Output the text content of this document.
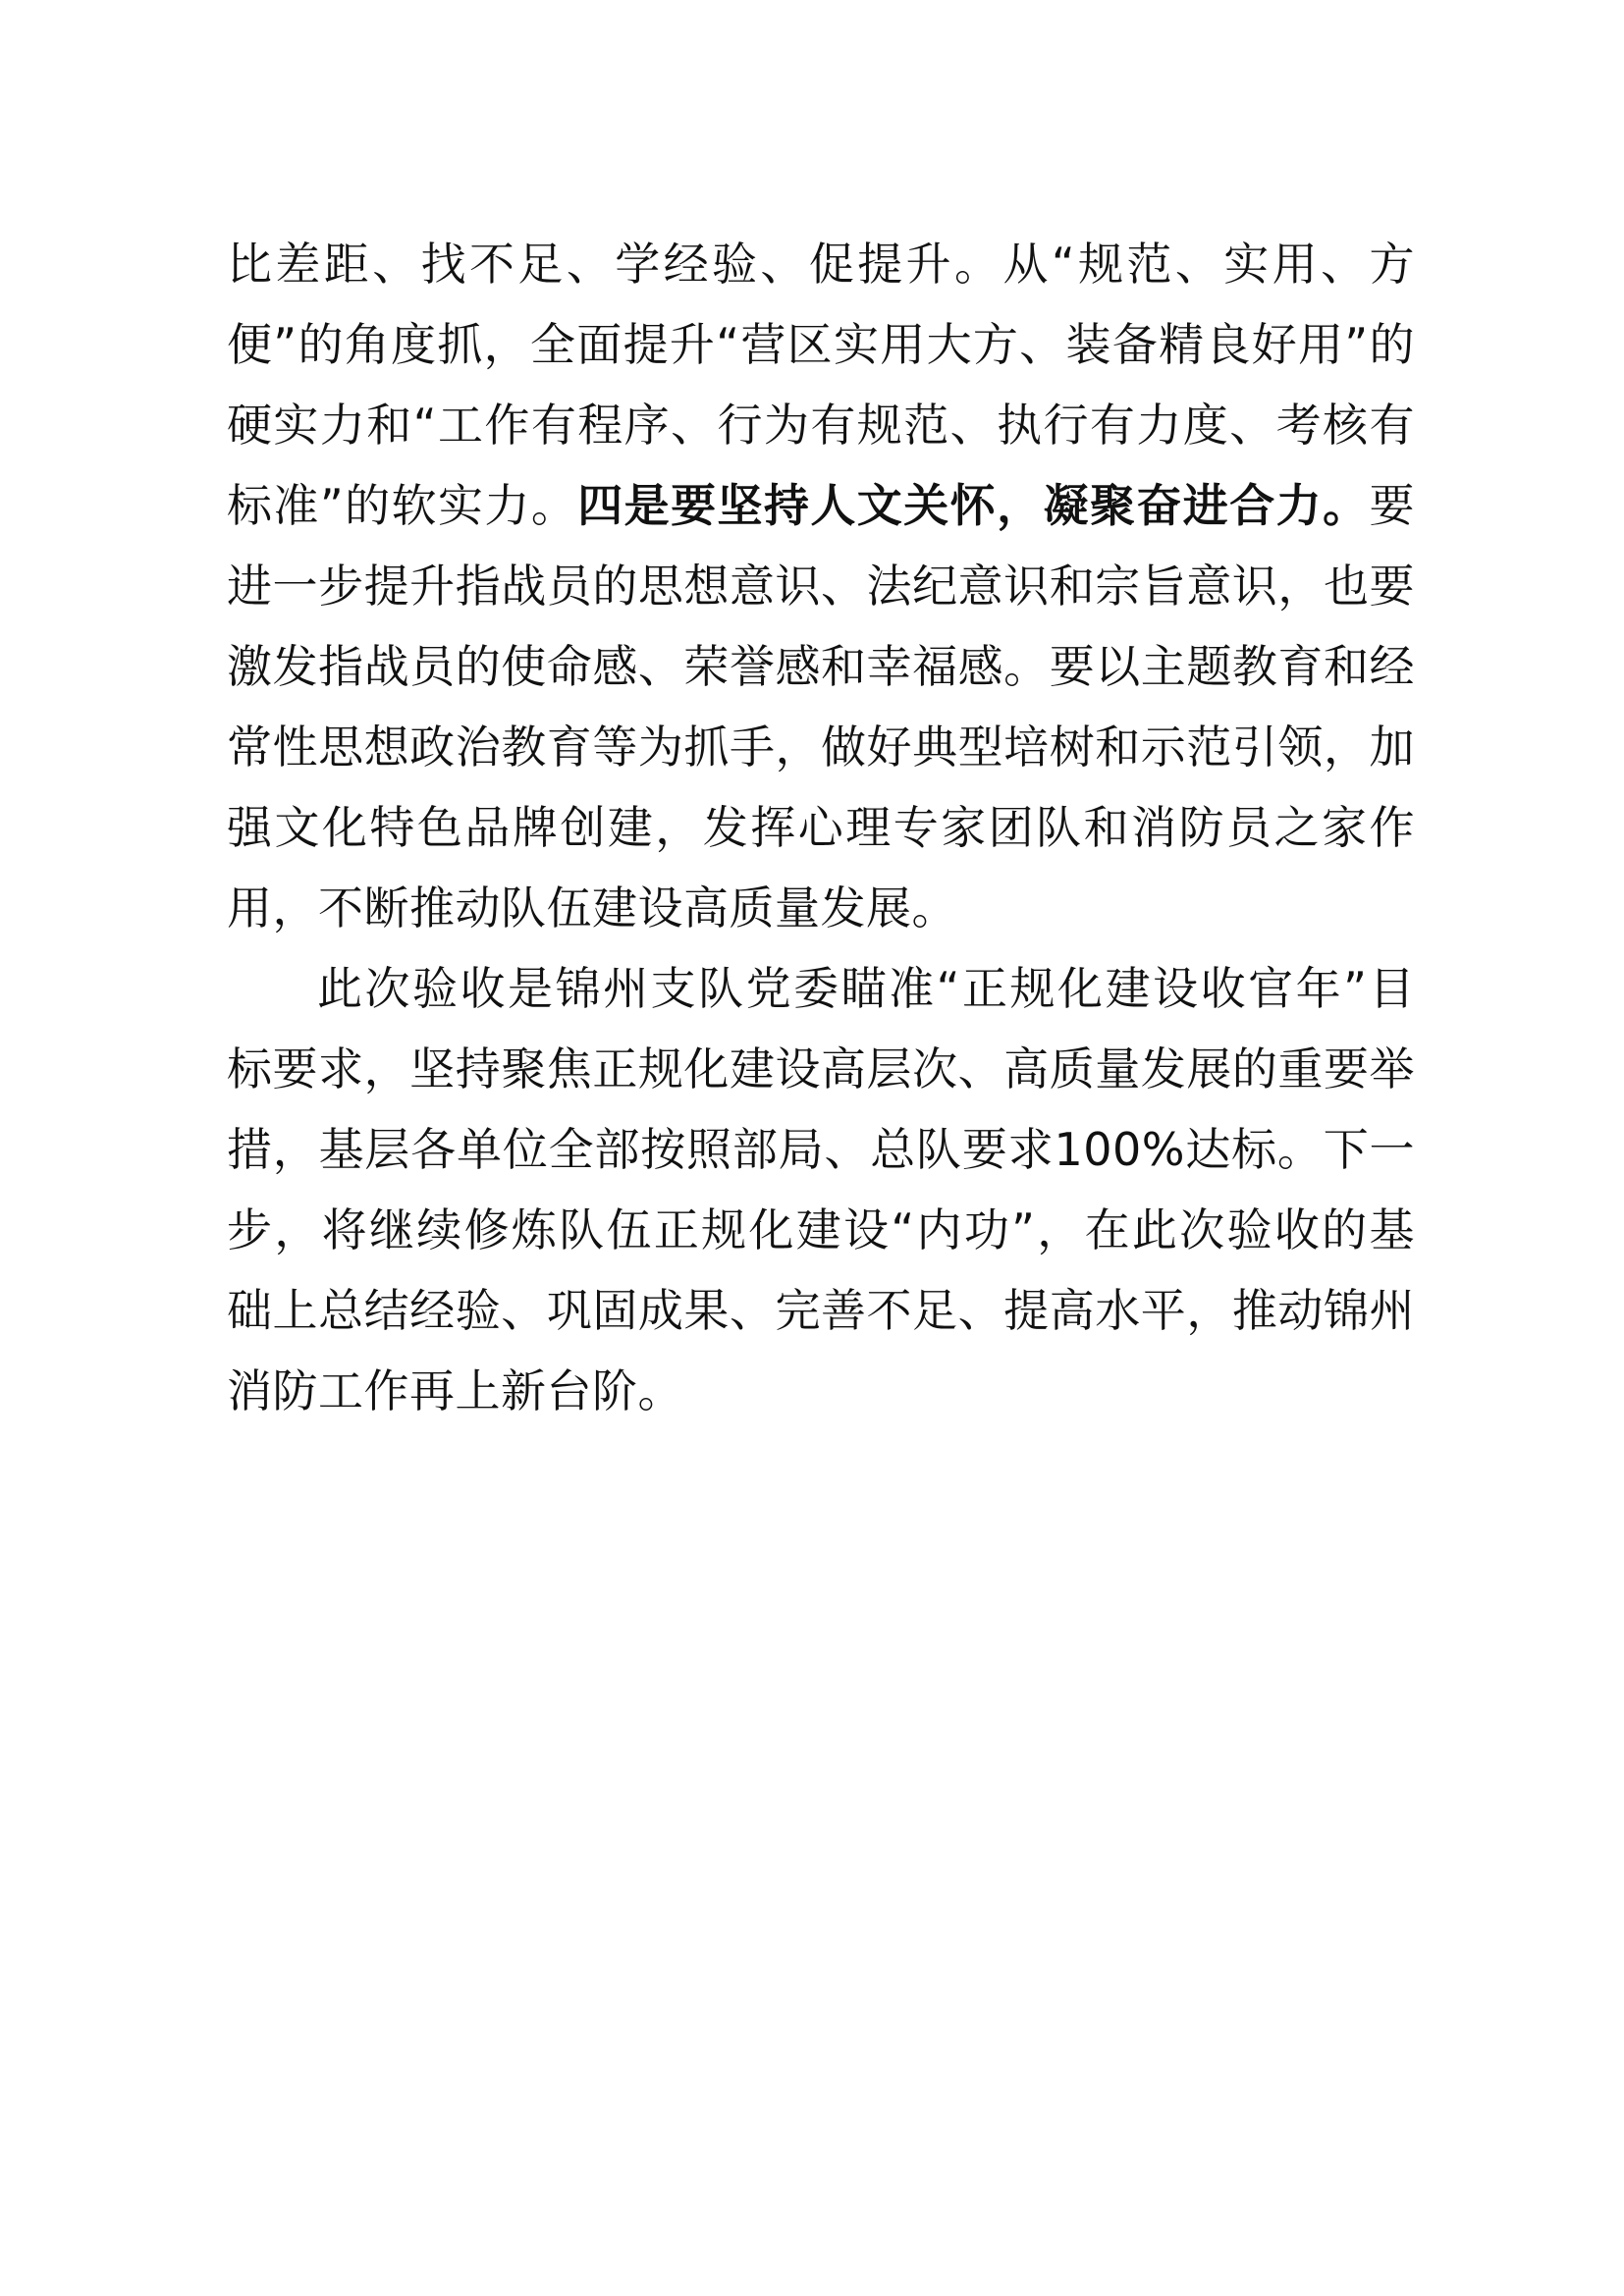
比差距、找不足、学经验、促提升。从“规范、实用、方便”的角度抓，全面提升“营区实用大方、装备精良好用”的硬实力和“工作有程序、行为有规范、执行有力度、考核有标准”的软实力。四是要坚持人文关怀，凝聚奋进合力。要进一步提升指战员的思想意识、法纪意识和宗旨意识，也要激发指战员的使命感、荣誉感和幸福感。要以主题教育和经常性思想政治教育等为抓手，做好典型培树和示范引领，加强文化特色品牌创建，发挥心理专家团队和消防员之家作用，不断推动队伍建设高质量发展。

此次验收是锦州支队党委瞄准“正规化建设收官年”目标要求，坚持聚焦正规化建设高层次、高质量发展的重要举措，基层各单位全部按照部局、总队要求100%达标。下一步，将继续修炼队伍正规化建设“内功”，在此次验收的基础上总结经验、巩固成果、完善不足、提高水平，推动锦州消防工作再上新台阶。
